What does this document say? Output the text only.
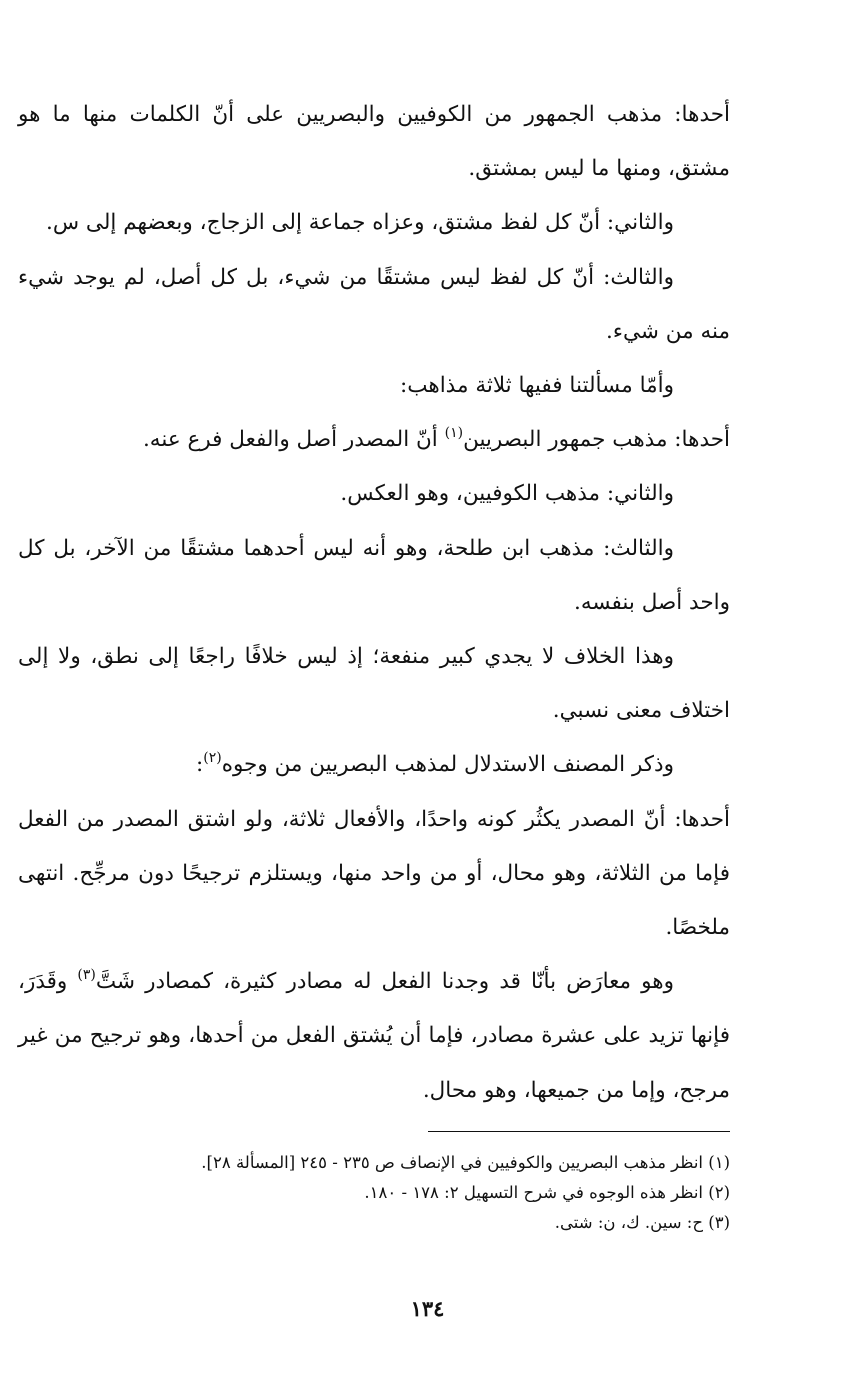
أحدها: مذهب الجمهور من الكوفيين والبصريين على أنّ الكلمات منها ما هو مشتق، ومنها ما ليس بمشتق.

والثاني: أنّ كل لفظ مشتق، وعزاه جماعة إلى الزجاج، وبعضهم إلى س.

والثالث: أنّ كل لفظ ليس مشتقًا من شيء، بل كل أصل، لم يوجد شيء منه من شيء.

وأمّا مسألتنا ففيها ثلاثة مذاهب:

أحدها: مذهب جمهور البصريين$^{(١)}$ أنّ المصدر أصل والفعل فرع عنه.

والثاني: مذهب الكوفيين، وهو العكس.

والثالث: مذهب ابن طلحة، وهو أنه ليس أحدهما مشتقًا من الآخر، بل كل واحد أصل بنفسه.

وهذا الخلاف لا يجدي كبير منفعة؛ إذ ليس خلافًا راجعًا إلى نطق، ولا إلى اختلاف معنى نسبي.

وذكر المصنف الاستدلال لمذهب البصريين من وجوه$^{(٢)}$:

أحدها: أنّ المصدر يكثُر كونه واحدًا، والأفعال ثلاثة، ولو اشتق المصدر من الفعل فإما من الثلاثة، وهو محال، أو من واحد منها، ويستلزم ترجيحًا دون مرجِّح. انتهى ملخصًا.

وهو معارَض بأنّا قد وجدنا الفعل له مصادر كثيرة، كمصادر شَتَّ$^{(٣)}$ وقَدَرَ، فإنها تزيد على عشرة مصادر، فإما أن يُشتق الفعل من أحدها، وهو ترجيح من غير مرجح، وإما من جميعها، وهو محال.

(١) انظر مذهب البصريين والكوفيين في الإنصاف ص ٢٣٥ - ٢٤٥ [المسألة ٢٨].

(٢) انظر هذه الوجوه في شرح التسهيل ٢: ١٧٨ - ١٨٠.

(٣) ح: سين. ك، ن: شتى.

١٣٤
